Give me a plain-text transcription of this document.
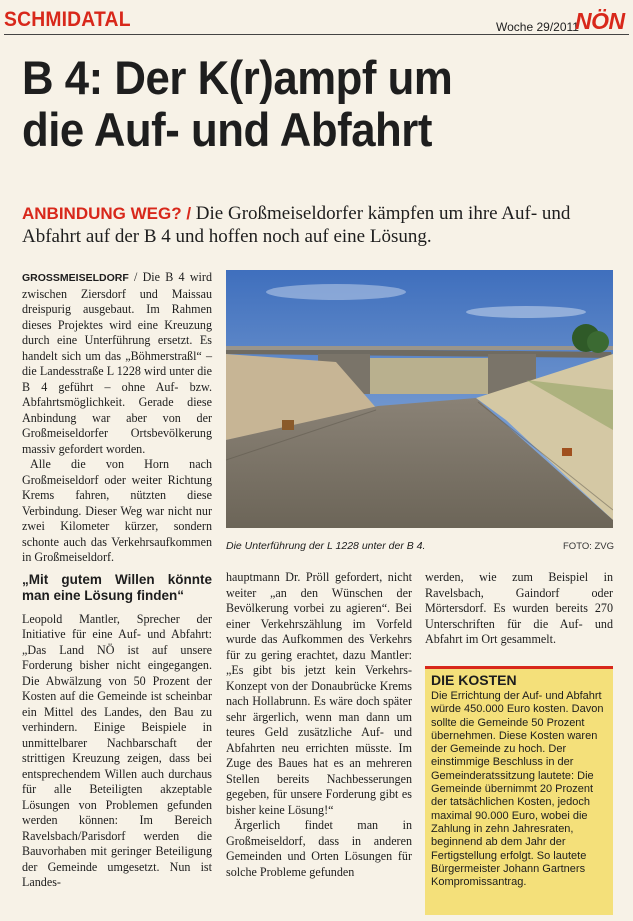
SCHMIDATAL	Woche 29/2011
NÖN
B 4: Der K(r)ampf um
die Auf- und Abfahrt
ANBINDUNG WEG? / Die Großmeiseldorfer kämpfen um ihre Auf- und Abfahrt auf der B 4 und hoffen noch auf eine Lösung.

GROSSMEISELDORF / Die B 4 wird zwischen Ziersdorf und Maissau dreispurig ausgebaut. Im Rahmen dieses Projektes wird eine Kreuzung durch eine Unterführung ersetzt. Es handelt sich um das „Böhmerstraßl“ – die Landesstraße L 1228 wird unter die B 4 geführt – ohne Auf- bzw. Abfahrtsmöglichkeit. Gerade diese Anbindung war aber von der Großmeiseldorfer Ortsbevölkerung massiv gefordert worden.

Alle die von Horn nach Großmeiseldorf oder weiter Richtung Krems fahren, nützten diese Verbindung. Dieser Weg war nicht nur zwei Kilometer kürzer, sondern schonte auch das Verkehrsaufkommen in Großmeiseldorf.

„Mit gutem Willen könnte man eine Lösung finden“

Leopold Mantler, Sprecher der Initiative für eine Auf- und Abfahrt: „Das Land NÖ ist auf unsere Forderung bisher nicht eingegangen. Die Abwälzung von 50 Prozent der Kosten auf die Gemeinde ist scheinbar ein Mittel des Landes, den Bau zu verhindern. Einige Beispiele in unmittelbarer Nachbarschaft der strittigen Kreuzung zeigen, dass bei entsprechendem Willen auch durchaus für alle Beteiligten akzeptable Lösungen von Problemen gefunden werden können: Im Bereich Ravelsbach/Parisdorf werden die Bauvorhaben mit geringer Beteiligung der Gemeinde umgesetzt. Nun ist Landes-

Die Unterführung der L 1228 unter der B 4.	FOTO: ZVG

hauptmann Dr. Pröll gefordert, nicht weiter „an den Wünschen der Bevölkerung vorbei zu agieren“. Bei einer Verkehrszählung im Vorfeld wurde das Aufkommen des Verkehrs für zu gering erachtet, dazu Mantler: „Es gibt bis jetzt kein Verkehrs-Konzept von der Donaubrücke Krems nach Hollabrunn. Es wäre doch später sehr ärgerlich, wenn man dann um teures Geld zusätzliche Auf- und Abfahrten neu errichten müsste. Im Zuge des Baues hat es an mehreren Stellen bereits Nachbesserungen gegeben, für unsere Forderung gibt es bisher keine Lösung!“

Ärgerlich findet man in Großmeiseldorf, dass in anderen Gemeinden und Orten Lösungen für solche Probleme gefunden

werden, wie zum Beispiel in Ravelsbach, Gaindorf oder Mörtersdorf. Es wurden bereits 270 Unterschriften für die Auf- und Abfahrt im Ort gesammelt.

DIE KOSTEN
Die Errichtung der Auf- und Abfahrt würde 450.000 Euro kosten. Davon sollte die Gemeinde 50 Prozent übernehmen. Diese Kosten waren der Gemeinde zu hoch. Der einstimmige Beschluss in der Gemeinderatssitzung lautete: Die Gemeinde übernimmt 20 Prozent der tatsächlichen Kosten, jedoch maximal 90.000 Euro, wobei die Zahlung in zehn Jahresraten, beginnend ab dem Jahr der Fertigstellung erfolgt. So lautete Bürgermeister Johann Gartners Kompromissantrag.
